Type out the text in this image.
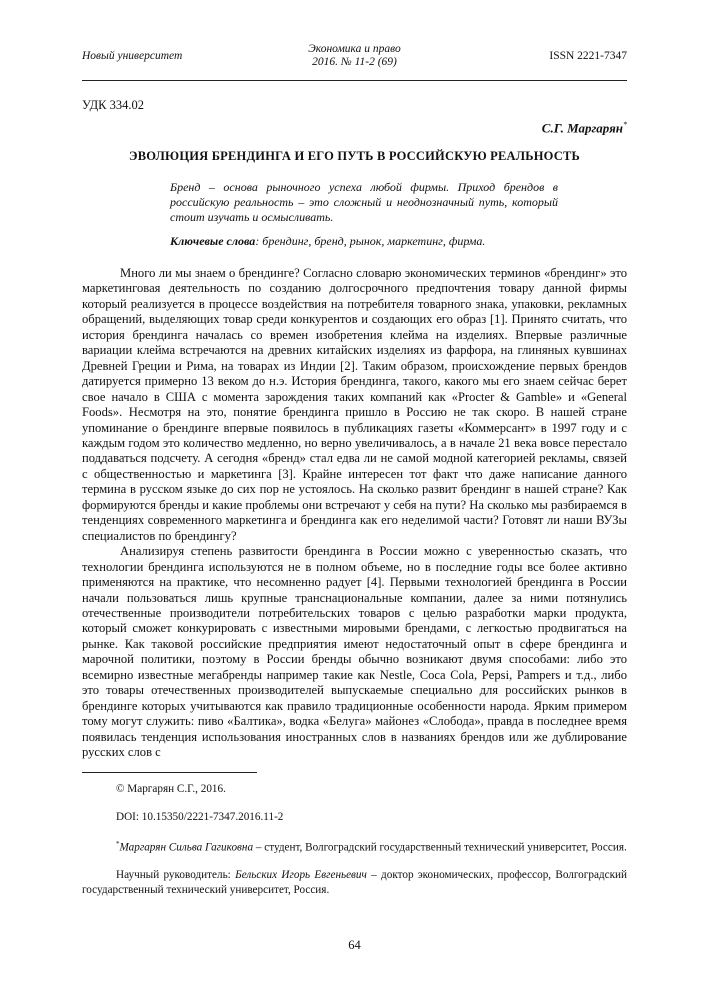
Новый университет
Экономика и право
2016. № 11-2 (69)	ISSN 2221-7347
УДК 334.02
С.Г. Маргарян*
ЭВОЛЮЦИЯ БРЕНДИНГА И ЕГО ПУТЬ В РОССИЙСКУЮ РЕАЛЬНОСТЬ
Бренд – основа рыночного успеха любой фирмы. Приход брендов в российскую реальность – это сложный и неоднозначный путь, который стоит изучать и осмысливать.
Ключевые слова: брендинг, бренд, рынок, маркетинг, фирма.

Много ли мы знаем о брендинге? Согласно словарю экономических терминов «брендинг» это маркетинговая деятельность по созданию долгосрочного предпочтения товару данной фирмы который реализуется в процессе воздействия на потребителя товарного знака, упаковки, рекламных обращений, выделяющих товар среди конкурентов и создающих его образ [1]. Принято считать, что история брендинга началась со времен изобретения клейма на изделиях. Впервые различные вариации клейма встречаются на древних китайских изделиях из фарфора, на глиняных кувшинах Древней Греции и Рима, на товарах из Индии [2]. Таким образом, происхождение первых брендов датируется примерно 13 веком до н.э. История брендинга, такого, какого мы его знаем сейчас берет свое начало в США с момента зарождения таких компаний как «Procter & Gamble» и «General Foods». Несмотря на это, понятие брендинга пришло в Россию не так скоро. В нашей стране упоминание о брендинге впервые появилось в публикациях газеты «Коммерсант» в 1997 году и с каждым годом это количество медленно, но верно увеличивалось, а в начале 21 века вовсе перестало поддаваться подсчету. А сегодня «бренд» стал едва ли не самой модной категорией рекламы, связей с общественностью и маркетинга [3]. Крайне интересен тот факт что даже написание данного термина в русском языке до сих пор не устоялось. На сколько развит брендинг в нашей стране? Как формируются бренды и какие проблемы они встречают у себя на пути? На сколько мы разбираемся в тенденциях современного маркетинга и брендинга как его неделимой части? Готовят ли наши ВУЗы специалистов по брендингу?

Анализируя степень развитости брендинга в России можно с уверенностью сказать, что технологии брендинга используются не в полном объеме, но в последние годы все более активно применяются на практике, что несомненно радует [4]. Первыми технологией брендинга в России начали пользоваться лишь крупные транснациональные компании, далее за ними потянулись отечественные производители потребительских товаров с целью разработки марки продукта, который сможет конкурировать с известными мировыми брендами, с легкостью продвигаться на рынке. Как таковой российские предприятия имеют недостаточный опыт в сфере брендинга и марочной политики, поэтому в России бренды обычно возникают двумя способами: либо это всемирно известные мегабренды например такие как Nestle, Coca Cola, Pepsi, Pampers и т.д., либо это товары отечественных производителей выпускаемые специально для российских рынков в брендинге которых учитываются как правило традиционные особенности народа. Ярким примером тому могут служить: пиво «Балтика», водка «Белуга» майонез «Слобода», правда в последнее время появилась тенденция использования иностранных слов в названиях брендов или же дублирование русских слов с

© Маргарян С.Г., 2016.

DOI: 10.15350/2221-7347.2016.11-2

*Маргарян Сильва Гагиковна – студент, Волгоградский государственный технический университет, Россия.

Научный руководитель: Бельских Игорь Евгеньевич – доктор экономических, профессор, Волгоградский государственный технический университет, Россия.

64
